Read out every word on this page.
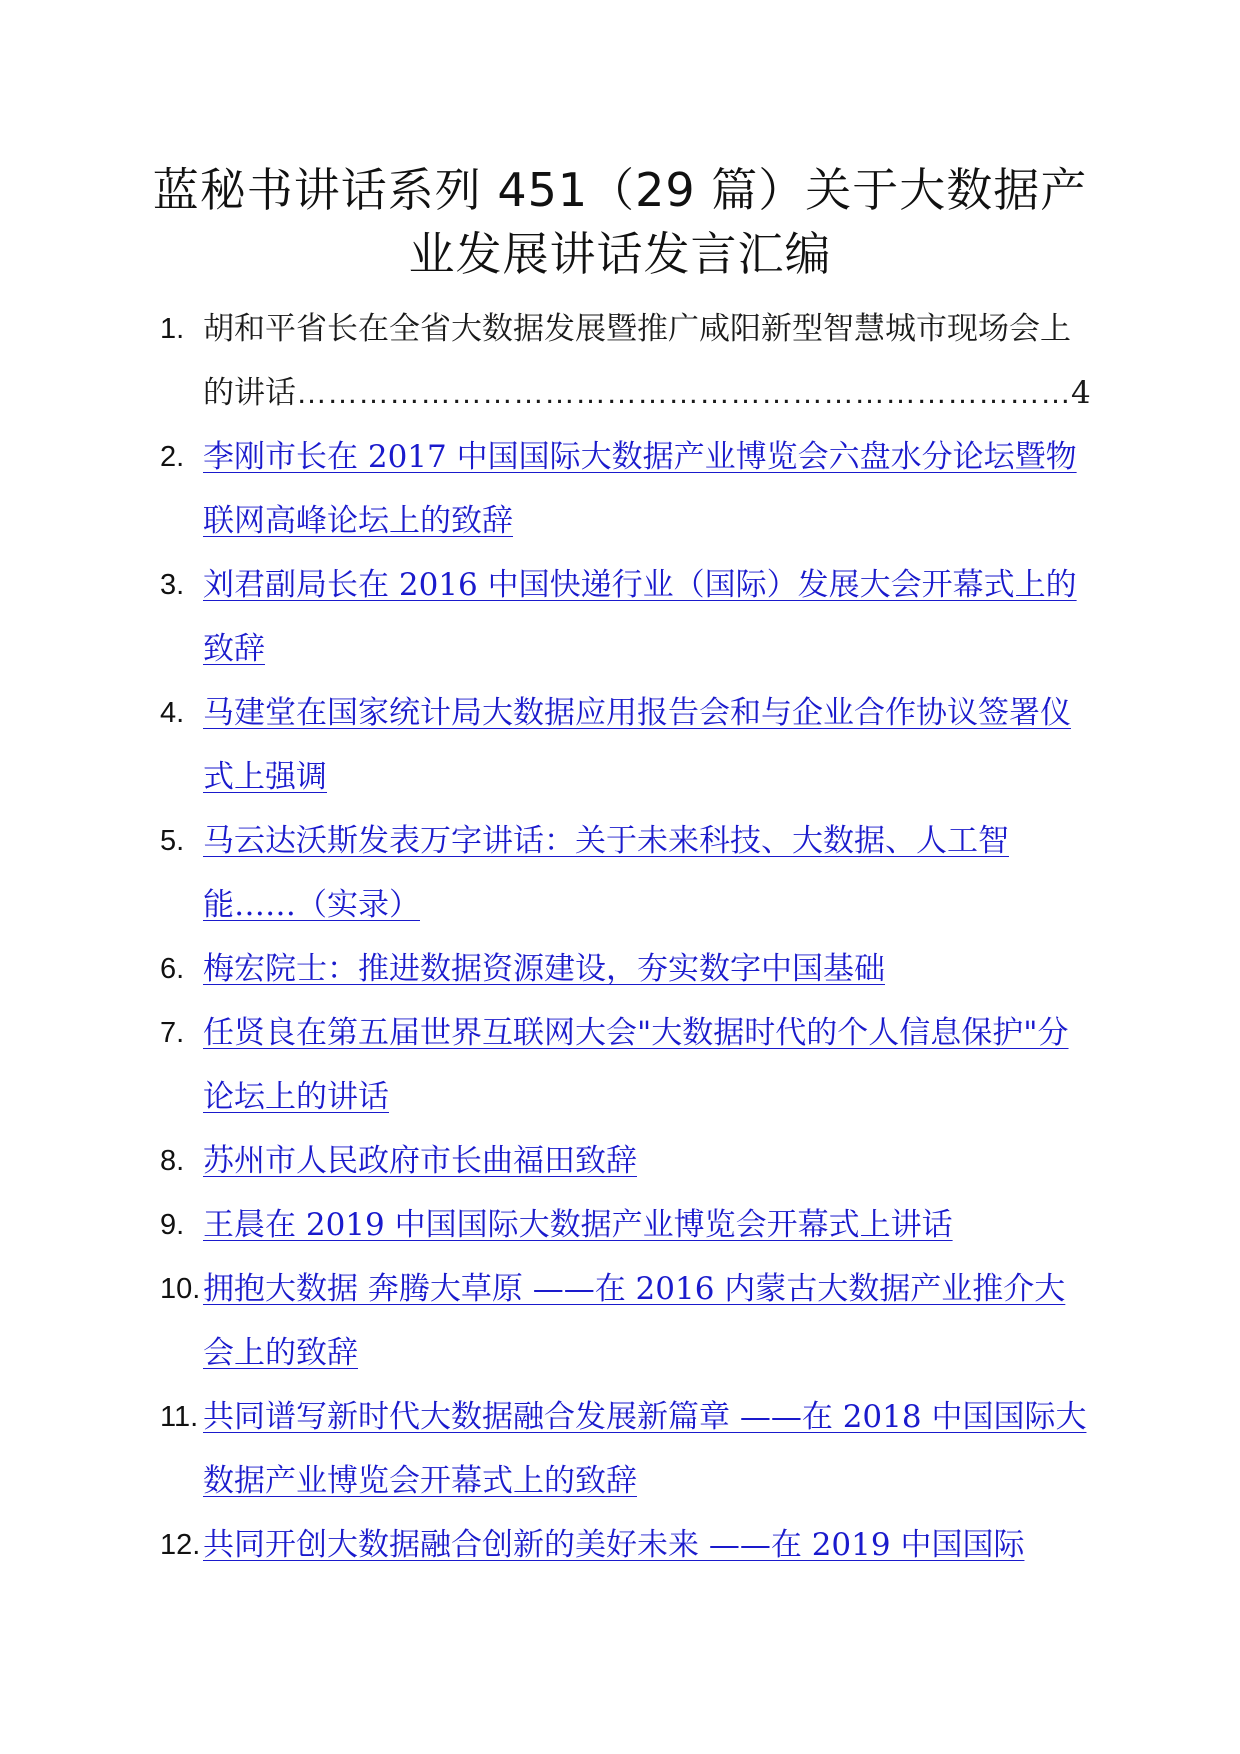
蓝秘书讲话系列 451（29 篇）关于大数据产
业发展讲话发言汇编
1. 胡和平省长在全省大数据发展暨推广咸阳新型智慧城市现场会上的讲话…………………………………………………………………4
2. 李刚市长在 2017 中国国际大数据产业博览会六盘水分论坛暨物联网高峰论坛上的致辞
3. 刘君副局长在 2016 中国快递行业（国际）发展大会开幕式上的致辞
4. 马建堂在国家统计局大数据应用报告会和与企业合作协议签署仪式上强调
5. 马云达沃斯发表万字讲话：关于未来科技、大数据、人工智能……（实录）
6. 梅宏院士：推进数据资源建设，夯实数字中国基础
7. 任贤良在第五届世界互联网大会"大数据时代的个人信息保护"分论坛上的讲话
8. 苏州市人民政府市长曲福田致辞
9. 王晨在 2019 中国国际大数据产业博览会开幕式上讲话
10. 拥抱大数据 奔腾大草原 ——在 2016 内蒙古大数据产业推介大会上的致辞
11. 共同谱写新时代大数据融合发展新篇章 ——在 2018 中国国际大数据产业博览会开幕式上的致辞
12. 共同开创大数据融合创新的美好未来 ——在 2019 中国国际
